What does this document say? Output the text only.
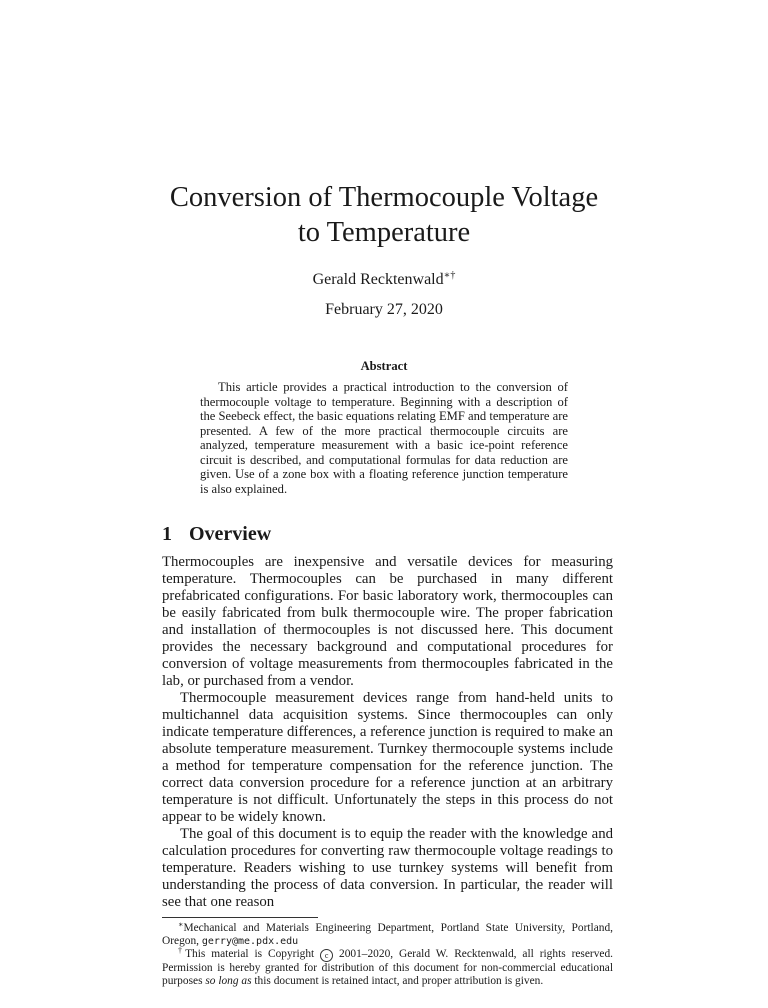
Conversion of Thermocouple Voltage
to Temperature
Gerald Recktenwald∗†
February 27, 2020
Abstract
This article provides a practical introduction to the conversion of thermocouple voltage to temperature. Beginning with a description of the Seebeck effect, the basic equations relating EMF and temperature are presented. A few of the more practical thermocouple circuits are analyzed, temperature measurement with a basic ice-point reference circuit is described, and computational formulas for data reduction are given. Use of a zone box with a floating reference junction temperature is also explained.
1 Overview

Thermocouples are inexpensive and versatile devices for measuring temperature. Thermocouples can be purchased in many different prefabricated configurations. For basic laboratory work, thermocouples can be easily fabricated from bulk thermocouple wire. The proper fabrication and installation of thermocouples is not discussed here. This document provides the necessary background and computational procedures for conversion of voltage measurements from thermocouples fabricated in the lab, or purchased from a vendor.

Thermocouple measurement devices range from hand-held units to multichannel data acquisition systems. Since thermocouples can only indicate temperature differences, a reference junction is required to make an absolute temperature measurement. Turnkey thermocouple systems include a method for temperature compensation for the reference junction. The correct data conversion procedure for a reference junction at an arbitrary temperature is not difficult. Unfortunately the steps in this process do not appear to be widely known.

The goal of this document is to equip the reader with the knowledge and calculation procedures for converting raw thermocouple voltage readings to temperature. Readers wishing to use turnkey systems will benefit from understanding the process of data conversion. In particular, the reader will see that one reason

∗Mechanical and Materials Engineering Department, Portland State University, Portland, Oregon, gerry@me.pdx.edu

†This material is Copyright c 2001–2020, Gerald W. Recktenwald, all rights reserved. Permission is hereby granted for distribution of this document for non-commercial educational purposes so long as this document is retained intact, and proper attribution is given.
